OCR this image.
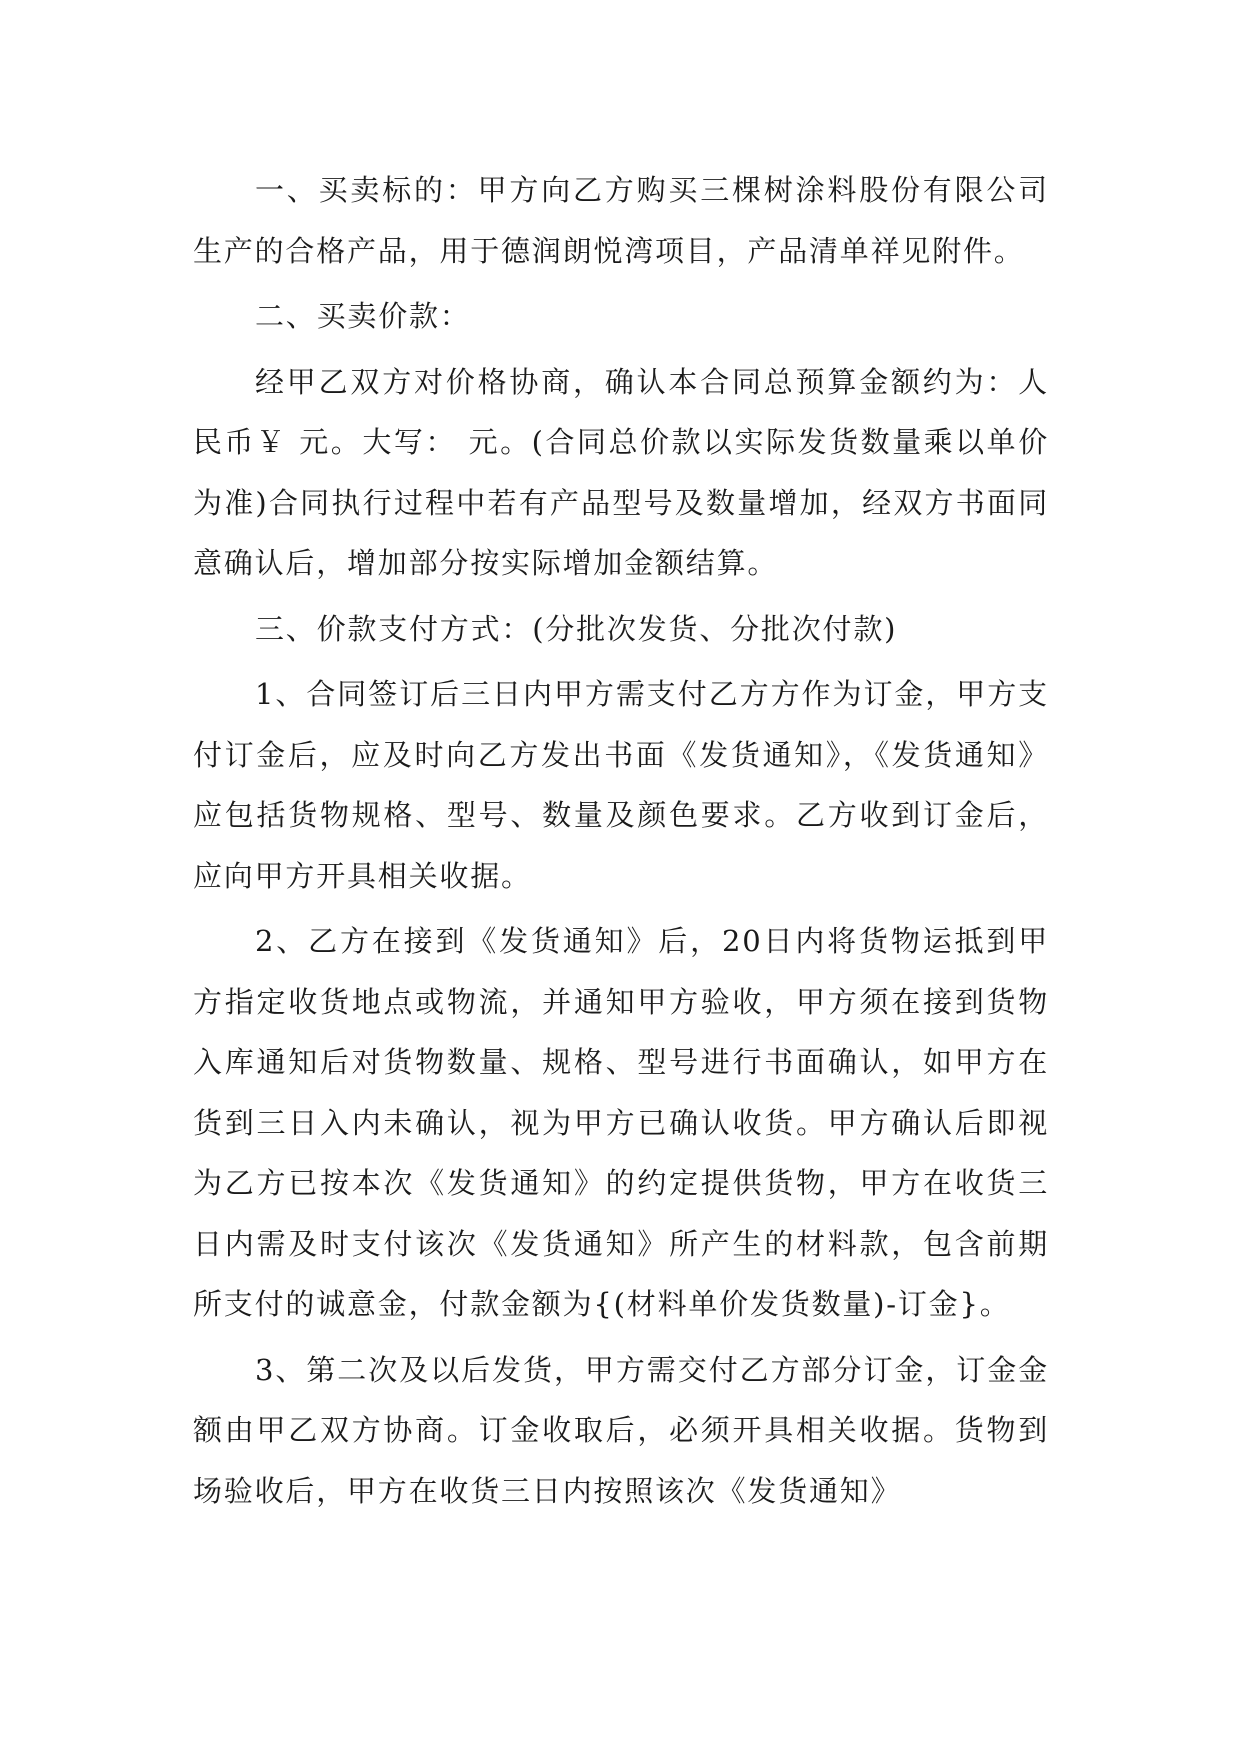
一、买卖标的：甲方向乙方购买三棵树涂料股份有限公司生产的合格产品，用于德润朗悦湾项目，产品清单祥见附件。

二、买卖价款：

经甲乙双方对价格协商，确认本合同总预算金额约为：人民币￥ 元。大写： 元。(合同总价款以实际发货数量乘以单价为准)合同执行过程中若有产品型号及数量增加，经双方书面同意确认后，增加部分按实际增加金额结算。

三、价款支付方式：(分批次发货、分批次付款)

1、合同签订后三日内甲方需支付乙方方作为订金，甲方支付订金后，应及时向乙方发出书面《发货通知》，《发货通知》应包括货物规格、型号、数量及颜色要求。乙方收到订金后，应向甲方开具相关收据。

2、乙方在接到《发货通知》后，20日内将货物运抵到甲方指定收货地点或物流，并通知甲方验收，甲方须在接到货物入库通知后对货物数量、规格、型号进行书面确认，如甲方在货到三日入内未确认，视为甲方已确认收货。甲方确认后即视为乙方已按本次《发货通知》的约定提供货物，甲方在收货三日内需及时支付该次《发货通知》所产生的材料款，包含前期所支付的诚意金，付款金额为{(材料单价发货数量)-订金}。

3、第二次及以后发货，甲方需交付乙方部分订金，订金金额由甲乙双方协商。订金收取后，必须开具相关收据。货物到场验收后，甲方在收货三日内按照该次《发货通知》
